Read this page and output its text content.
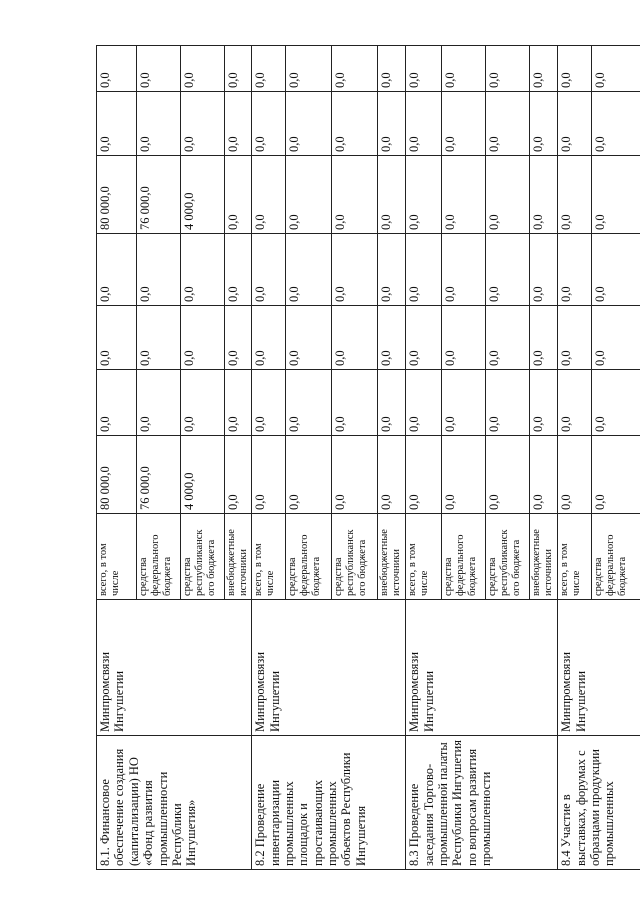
8.1. Финансовое обеспечение создания (капитализации) НО «Фонд развития промышленности Республики Ингушетия»	Минпромсвязи Ингушетии	всего, в том числе	80 000,0	0,0	0,0	0,0	80 000,0	0,0	0,0
		средства федерального бюджета	76 000,0	0,0	0,0	0,0	76 000,0	0,0	0,0
		средства республиканск ого бюджета	4 000,0	0,0	0,0	0,0	4 000,0	0,0	0,0
		внебюджетные источники	0,0	0,0	0,0	0,0	0,0	0,0	0,0
8.2 Проведение инвентаризации промышленных площадок и простаивающих промышленных объектов Республики Ингушетия	Минпромсвязи Ингушетии	всего, в том числе	0,0	0,0	0,0	0,0	0,0	0,0	0,0
		средства федерального бюджета	0,0	0,0	0,0	0,0	0,0	0,0	0,0
		средства республиканск ого бюджета	0,0	0,0	0,0	0,0	0,0	0,0	0,0
		внебюджетные источники	0,0	0,0	0,0	0,0	0,0	0,0	0,0
8.3 Проведение заседания Торгово-промышленной палаты Республики Ингушетия по вопросам развития промышленности	Минпромсвязи Ингушетии	всего, в том числе	0,0	0,0	0,0	0,0	0,0	0,0	0,0
		средства федерального бюджета	0,0	0,0	0,0	0,0	0,0	0,0	0,0
		средства республиканск ого бюджета	0,0	0,0	0,0	0,0	0,0	0,0	0,0
		внебюджетные источники	0,0	0,0	0,0	0,0	0,0	0,0	0,0
8.4 Участие в выставках, форумах с образцами продукции промышленных	Минпромсвязи Ингушетии	всего, в том числе	0,0	0,0	0,0	0,0	0,0	0,0	0,0
		средства федерального бюджета	0,0	0,0	0,0	0,0	0,0	0,0	0,0
